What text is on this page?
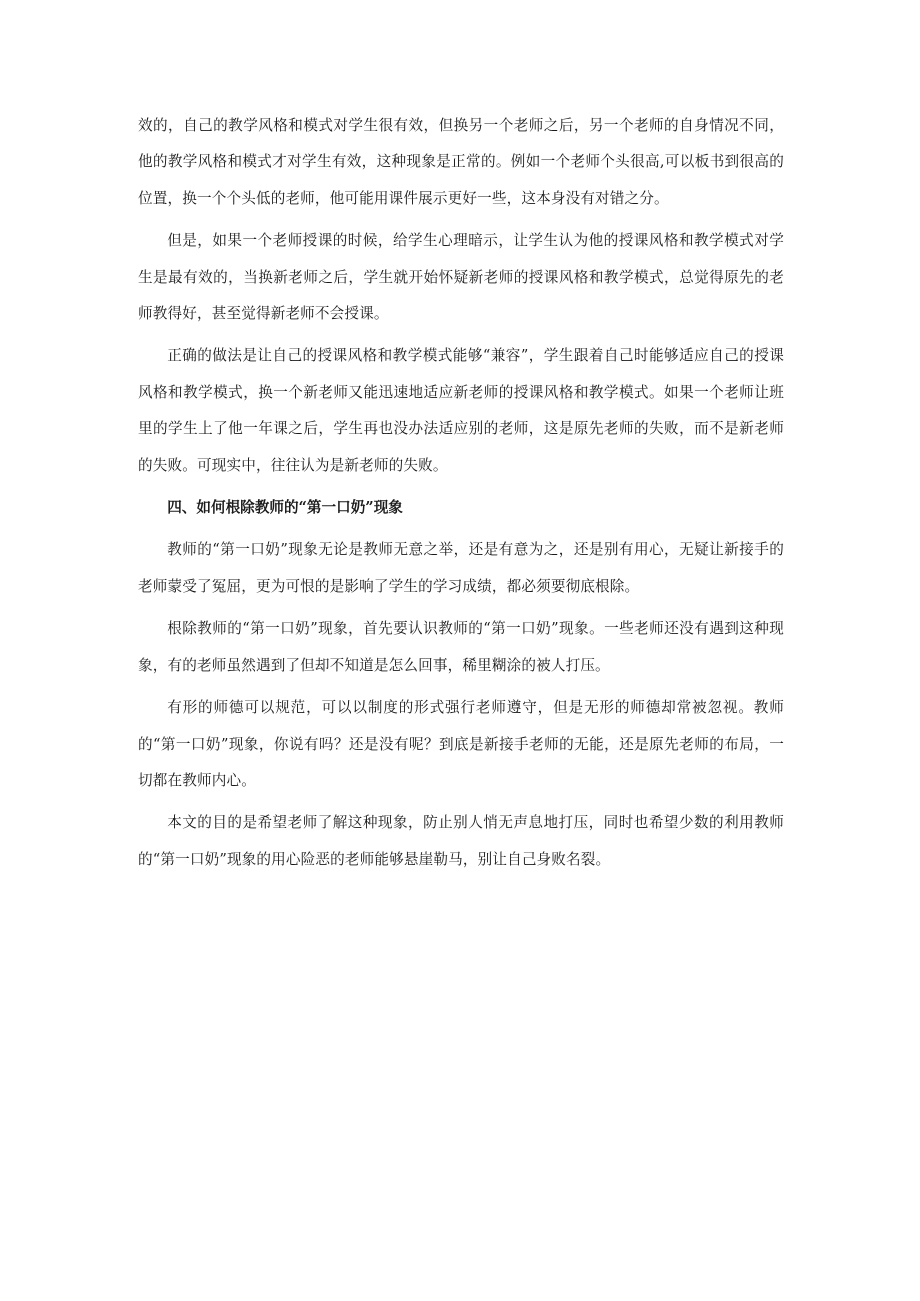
效的，自己的教学风格和模式对学生很有效，但换另一个老师之后，另一个老师的自身情况不同，他的教学风格和模式才对学生有效，这种现象是正常的。例如一个老师个头很高,可以板书到很高的位置，换一个个头低的老师，他可能用课件展示更好一些，这本身没有对错之分。

但是，如果一个老师授课的时候，给学生心理暗示，让学生认为他的授课风格和教学模式对学生是最有效的，当换新老师之后，学生就开始怀疑新老师的授课风格和教学模式，总觉得原先的老师教得好，甚至觉得新老师不会授课。

正确的做法是让自己的授课风格和教学模式能够“兼容”，学生跟着自己时能够适应自己的授课风格和教学模式，换一个新老师又能迅速地适应新老师的授课风格和教学模式。如果一个老师让班里的学生上了他一年课之后，学生再也没办法适应别的老师，这是原先老师的失败，而不是新老师的失败。可现实中，往往认为是新老师的失败。

四、如何根除教师的“第一口奶”现象

教师的“第一口奶”现象无论是教师无意之举，还是有意为之，还是别有用心，无疑让新接手的老师蒙受了冤屈，更为可恨的是影响了学生的学习成绩，都必须要彻底根除。

根除教师的“第一口奶”现象，首先要认识教师的“第一口奶”现象。一些老师还没有遇到这种现象，有的老师虽然遇到了但却不知道是怎么回事，稀里糊涂的被人打压。

有形的师德可以规范，可以以制度的形式强行老师遵守，但是无形的师德却常被忽视。教师的“第一口奶”现象，你说有吗？还是没有呢？到底是新接手老师的无能，还是原先老师的布局，一切都在教师内心。

本文的目的是希望老师了解这种现象，防止别人悄无声息地打压，同时也希望少数的利用教师的“第一口奶”现象的用心险恶的老师能够悬崖勒马，别让自己身败名裂。
